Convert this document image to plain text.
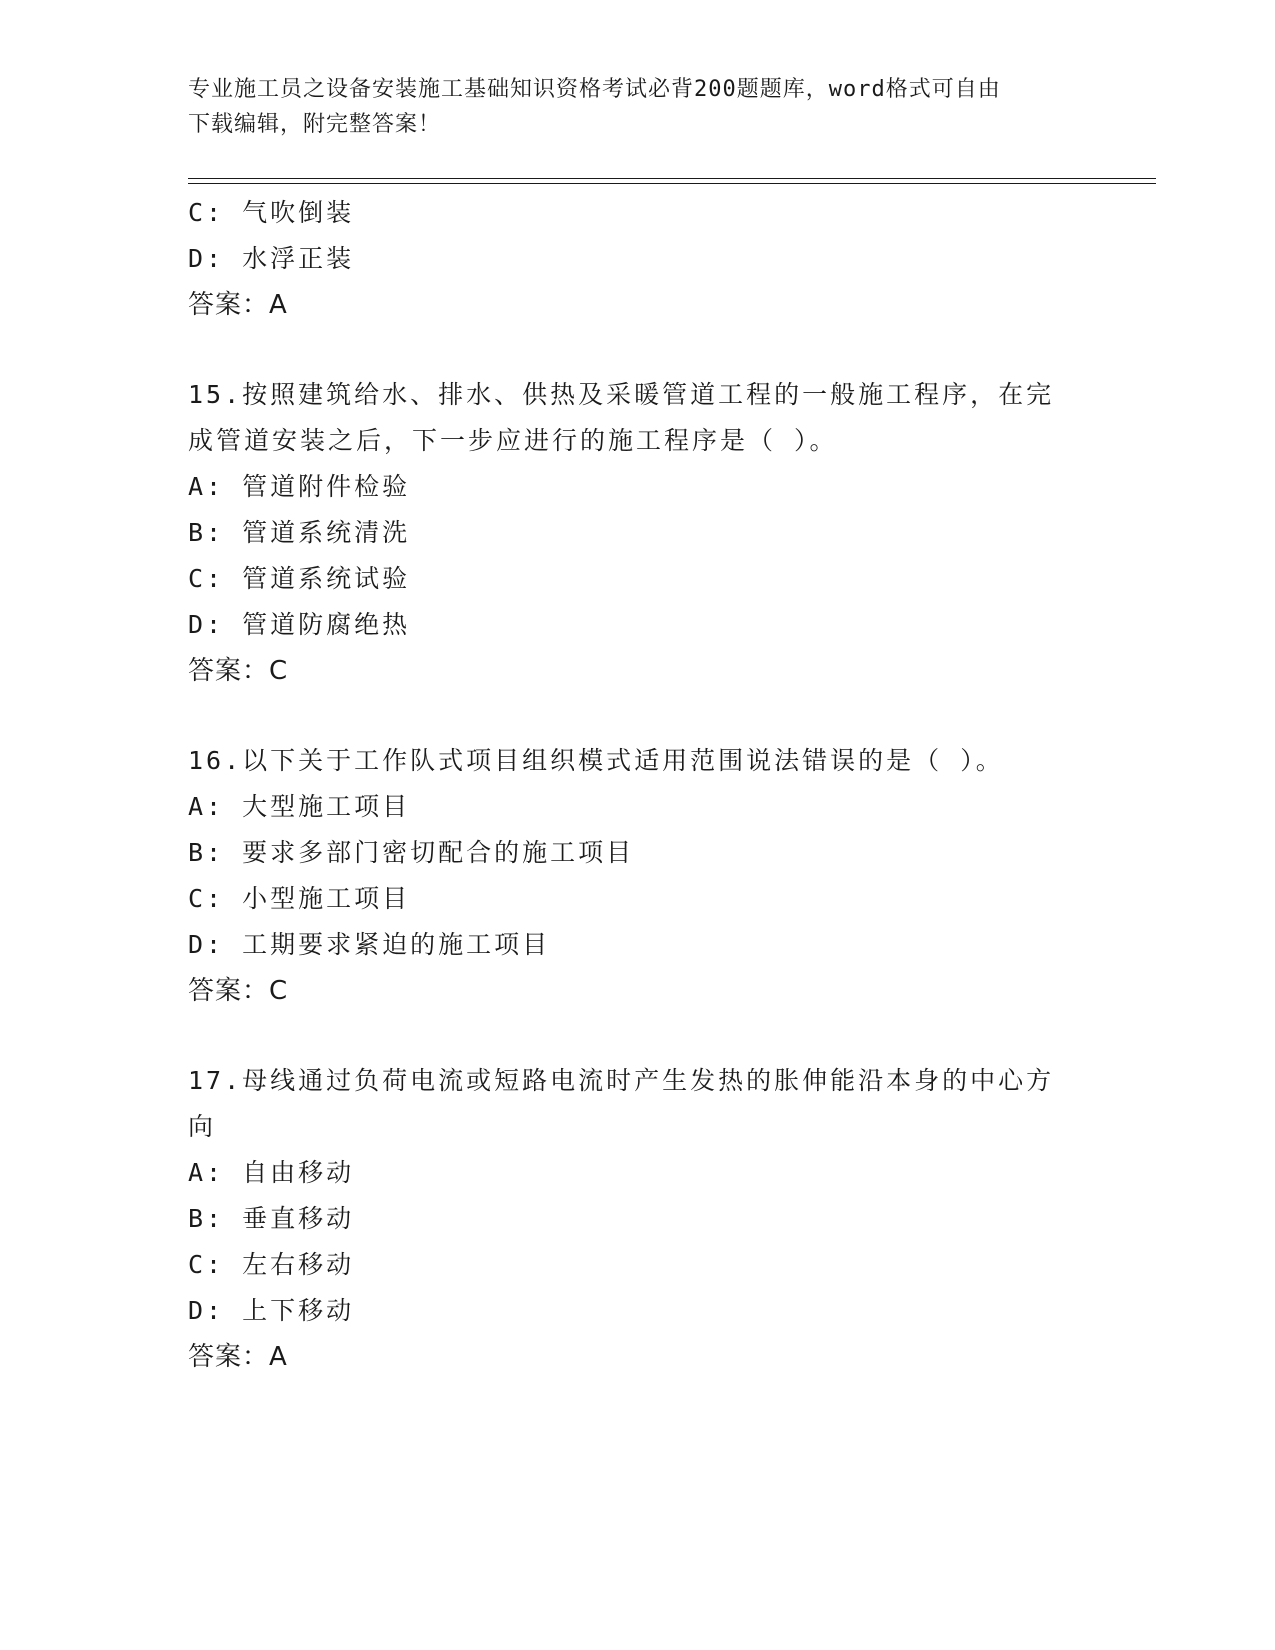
专业施工员之设备安装施工基础知识资格考试必背200题题库，word格式可自由
下载编辑，附完整答案！
C: 气吹倒装
D: 水浮正装
答案：A
15.按照建筑给水、排水、供热及采暖管道工程的一般施工程序，在完
成管道安装之后，下一步应进行的施工程序是（ ）。
A: 管道附件检验
B: 管道系统清洗
C: 管道系统试验
D: 管道防腐绝热
答案：C
16.以下关于工作队式项目组织模式适用范围说法错误的是（ ）。
A: 大型施工项目
B: 要求多部门密切配合的施工项目
C: 小型施工项目
D: 工期要求紧迫的施工项目
答案：C
17.母线通过负荷电流或短路电流时产生发热的胀伸能沿本身的中心方
向
A: 自由移动
B: 垂直移动
C: 左右移动
D: 上下移动
答案：A
